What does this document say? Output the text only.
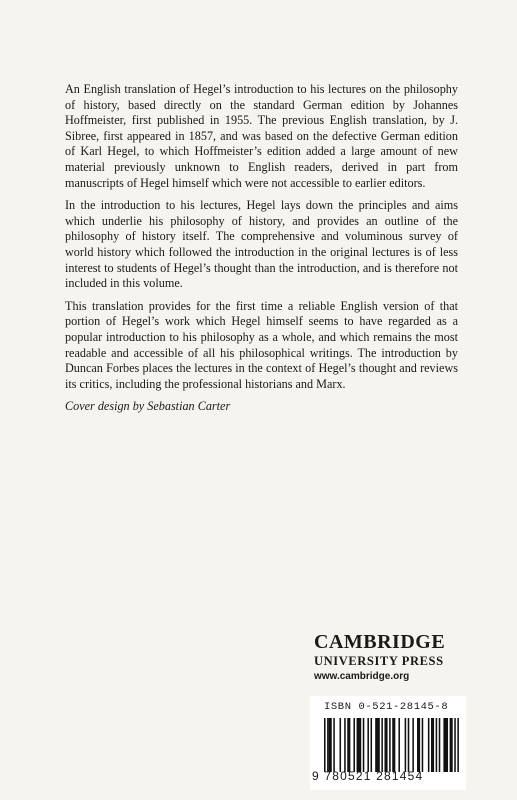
An English translation of Hegel’s introduction to his lectures on the philosophy of history, based directly on the standard German edition by Johannes Hoffmeister, first published in 1955. The previous English translation, by J. Sibree, first appeared in 1857, and was based on the defective German edition of Karl Hegel, to which Hoffmeister’s edition added a large amount of new material previously unknown to English readers, derived in part from manuscripts of Hegel himself which were not accessible to earlier editors.

In the introduction to his lectures, Hegel lays down the principles and aims which underlie his philosophy of history, and provides an outline of the philosophy of history itself. The comprehensive and voluminous survey of world history which followed the introduction in the original lectures is of less interest to students of Hegel’s thought than the introduction, and is therefore not included in this volume.

This translation provides for the first time a reliable English version of that portion of Hegel’s work which Hegel himself seems to have regarded as a popular introduction to his philosophy as a whole, and which remains the most readable and accessible of all his philosophical writings. The introduction by Duncan Forbes places the lectures in the context of Hegel’s thought and reviews its critics, including the professional historians and Marx.

Cover design by Sebastian Carter

CAMBRIDGE
UNIVERSITY PRESS
www.cambridge.org
ISBN 0-521-28145-8
9 780521 281454
